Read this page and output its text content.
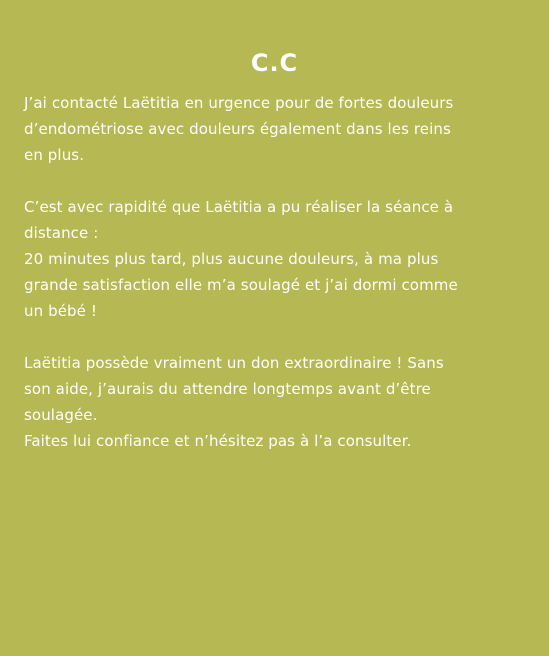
C.C

J’ai contacté Laëtitia en urgence pour de fortes douleurs
d’endométriose avec douleurs également dans les reins
en plus.

C’est avec rapidité que Laëtitia a pu réaliser la séance à
distance :
20 minutes plus tard, plus aucune douleurs, à ma plus
grande satisfaction elle m’a soulagé et j’ai dormi comme
un bébé !

Laëtitia possède vraiment un don extraordinaire ! Sans
son aide, j’aurais du attendre longtemps avant d’être
soulagée.
Faites lui confiance et n’hésitez pas à l’a consulter.
